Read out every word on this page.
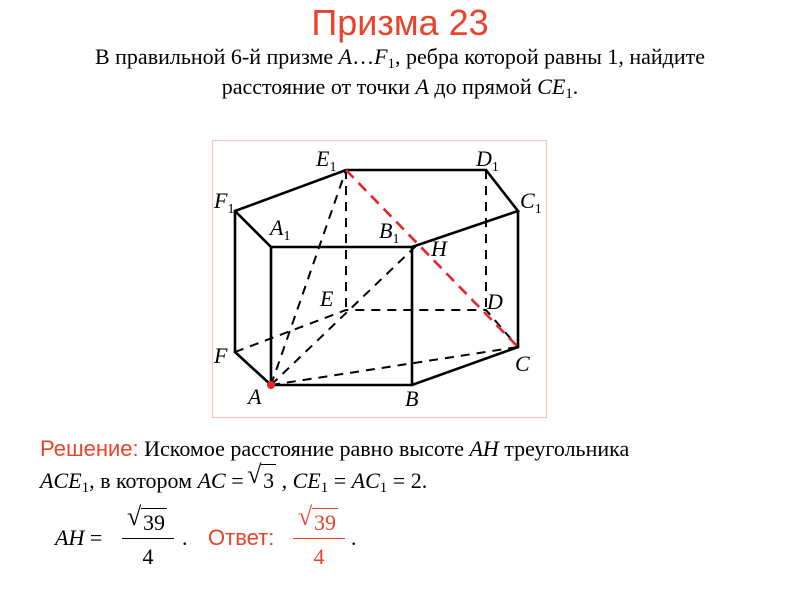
Призма 23
В правильной 6-й призме $A\dots F_1$, ребра которой равны 1, найдите
расстояние от точки A до прямой $CE_1$.
$E_1$	$D_1$
$C_1$
$F_1$
$A_1$	$B_1$ H
E	D
F	C
A	B
Решение: Искомое расстояние равно высоте AH треугольника
$ACE_1$, в котором AC = √ 3 , $CE_1 = AC_1 = 2$.
AH =
√ 39
4
. Ответ:
√ 39
4
.
